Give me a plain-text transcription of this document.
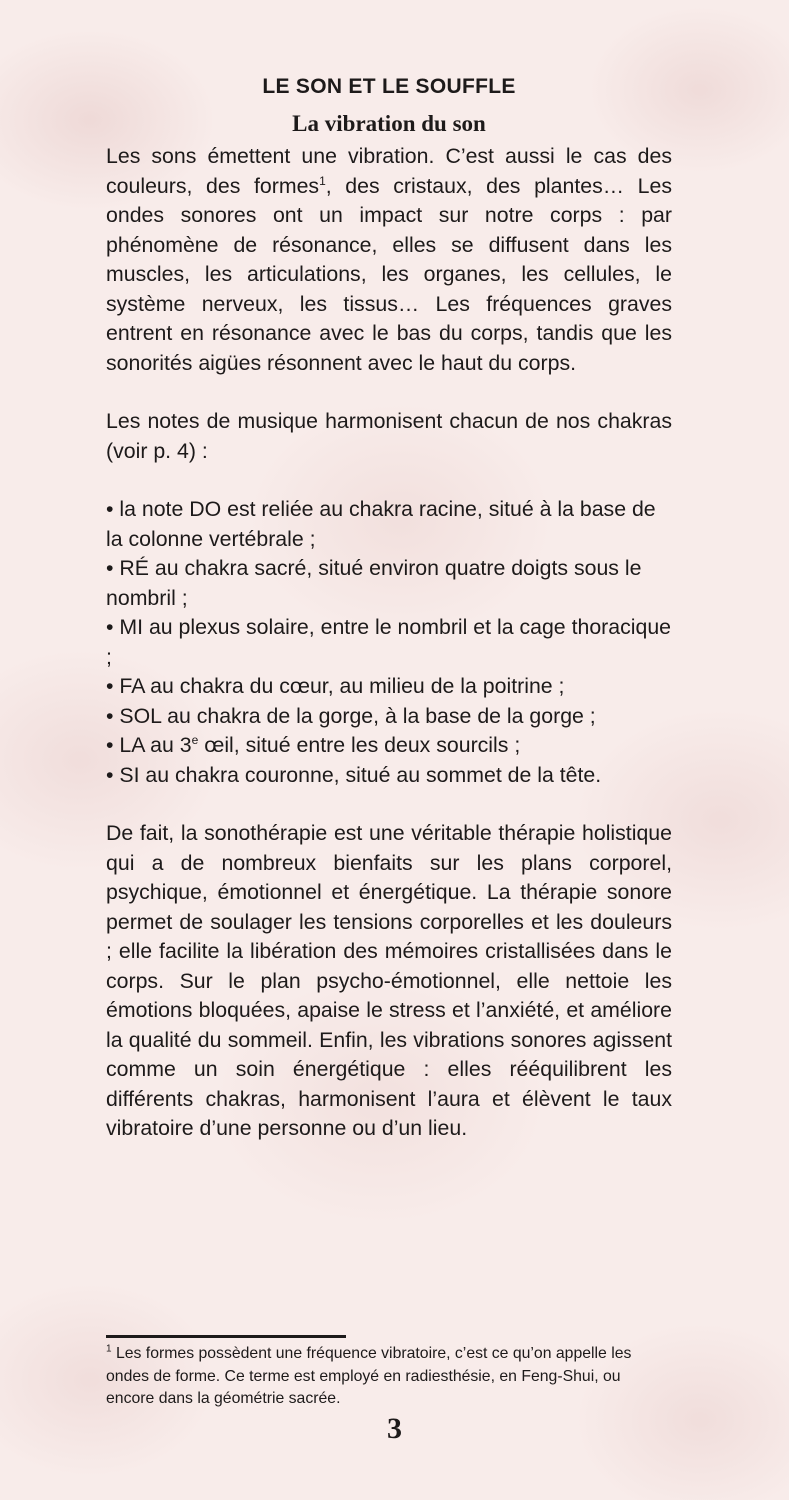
LE SON ET LE SOUFFLE
La vibration du son

Les sons émettent une vibration. C’est aussi le cas des couleurs, des formes$^1$, des cristaux, des plantes… Les ondes sonores ont un impact sur notre corps : par phénomène de résonance, elles se diffusent dans les muscles, les articulations, les organes, les cellules, le système nerveux, les tissus… Les fréquences graves entrent en résonance avec le bas du corps, tandis que les sonorités aigües résonnent avec le haut du corps.

Les notes de musique harmonisent chacun de nos chakras (voir p. 4) :

• la note DO est reliée au chakra racine, situé à la base de la colonne vertébrale ;
• RÉ au chakra sacré, situé environ quatre doigts sous le nombril ;
• MI au plexus solaire, entre le nombril et la cage thoracique ;
• FA au chakra du cœur, au milieu de la poitrine ;
• SOL au chakra de la gorge, à la base de la gorge ;
• LA au 3e œil, situé entre les deux sourcils ;
• SI au chakra couronne, situé au sommet de la tête.

De fait, la sonothérapie est une véritable thérapie holistique qui a de nombreux bienfaits sur les plans corporel, psychique, émotionnel et énergétique. La thérapie sonore permet de soulager les tensions corporelles et les douleurs ; elle facilite la libération des mémoires cristallisées dans le corps. Sur le plan psycho-émotionnel, elle nettoie les émotions bloquées, apaise le stress et l’anxiété, et améliore la qualité du sommeil. Enfin, les vibrations sonores agissent comme un soin énergétique : elles rééquilibrent les différents chakras, harmonisent l’aura et élèvent le taux vibratoire d’une personne ou d’un lieu.

$^1$ Les formes possèdent une fréquence vibratoire, c’est ce qu’on appelle les ondes de forme. Ce terme est employé en radiesthésie, en Feng-Shui, ou encore dans la géométrie sacrée.

3
